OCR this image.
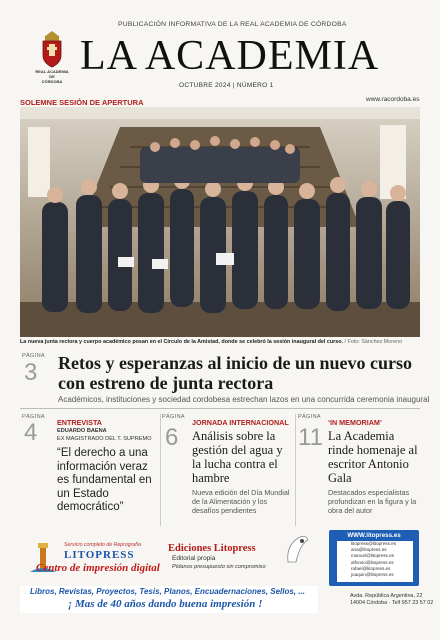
REAL ACADEMIA
DE
CÓRDOBA
PUBLICACIÓN INFORMATIVA DE LA REAL ACADEMIA DE CÓRDOBA
LA ACADEMIA
OCTUBRE 2024 | NÚMERO 1
SOLEMNE SESIÓN DE APERTURA	www.racordoba.es
La nueva junta rectora y cuerpo académico posan en el Círculo de la Amistad, donde se celebró la sesión inaugural del curso. / Foto: Sánchez Moreno
PÁGINA
3 Retos y esperanzas al inicio de un nuevo curso con estreno de junta rectora
Académicos, instituciones y sociedad cordobesa estrechan lazos en una concurrida ceremonia inaugural
PÁGINA
4	ENTREVISTA
EDUARDO BAENA
EX MAGISTRADO DEL T. SUPREMO
“El derecho a una información veraz es fundamental en un Estado democrático”
PÁGINA
6
JORNADA INTERNACIONAL
Análisis sobre la gestión del agua y la lucha contra el hambre
Nueva edición del Día Mundial de la Alimentación y los desafíos pendientes
PÁGINA
11
‘IN MEMORIAM’
La Academia rinde homenaje al escritor Antonio Gala
Destacados especialistas profundizan en la figura y la obra del autor
Servicio completo de Reprografía
LITOPRESS
Centro de impresión digital
Ediciones Litopress
Editorial propia
Pídanos presupuesto sin compromiso
Libros, Revistas, Proyectos, Tesis, Planos, Encuadernaciones, Sellos, ...
¡ Mas de 40 años dando buena impresión !
WWW.litopress.es
litopress@litopress.es
ana@litopress.es
manuel@litopress.es
alfonso@litopress.es
rafael@litopress.es
joaquin@litopress.es
Avda. República Argentina, 22
14004 Córdoba · Telf 957 23 57 02
